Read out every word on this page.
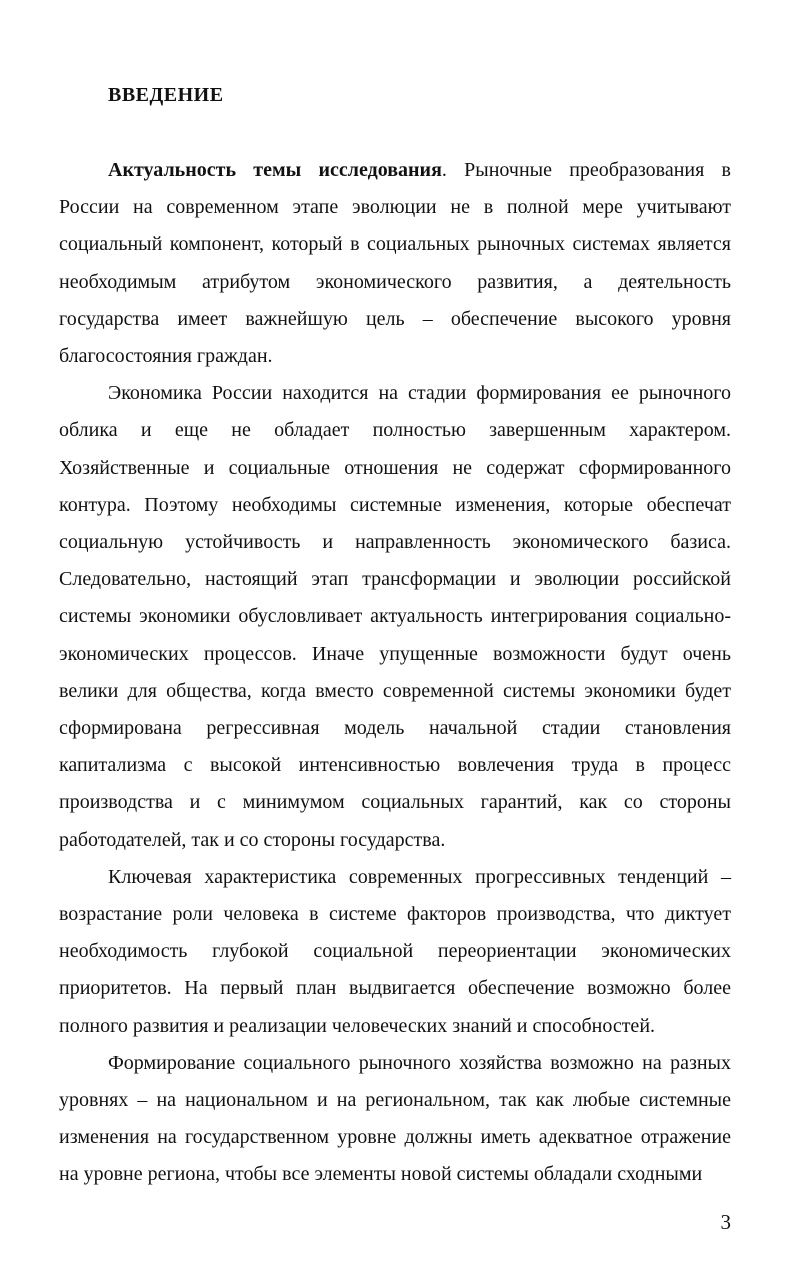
ВВЕДЕНИЕ

Актуальность темы исследования. Рыночные преобразования в России на современном этапе эволюции не в полной мере учитывают социальный компонент, который в социальных рыночных системах является необходимым атрибутом экономического развития, а деятельность государства имеет важнейшую цель – обеспечение высокого уровня благосостояния граждан.

Экономика России находится на стадии формирования ее рыночного облика и еще не обладает полностью завершенным характером. Хозяйственные и социальные отношения не содержат сформированного контура. Поэтому необходимы системные изменения, которые обеспечат социальную устойчивость и направленность экономического базиса. Следовательно, настоящий этап трансформации и эволюции российской системы экономики обусловливает актуальность интегрирования социально-экономических процессов. Иначе упущенные возможности будут очень велики для общества, когда вместо современной системы экономики будет сформирована регрессивная модель начальной стадии становления капитализма с высокой интенсивностью вовлечения труда в процесс производства и с минимумом социальных гарантий, как со стороны работодателей, так и со стороны государства.

Ключевая характеристика современных прогрессивных тенденций – возрастание роли человека в системе факторов производства, что диктует необходимость глубокой социальной переориентации экономических приоритетов. На первый план выдвигается обеспечение возможно более полного развития и реализации человеческих знаний и способностей.

Формирование социального рыночного хозяйства возможно на разных уровнях – на национальном и на региональном, так как любые системные изменения на государственном уровне должны иметь адекватное отражение на уровне региона, чтобы все элементы новой системы обладали сходными

3
